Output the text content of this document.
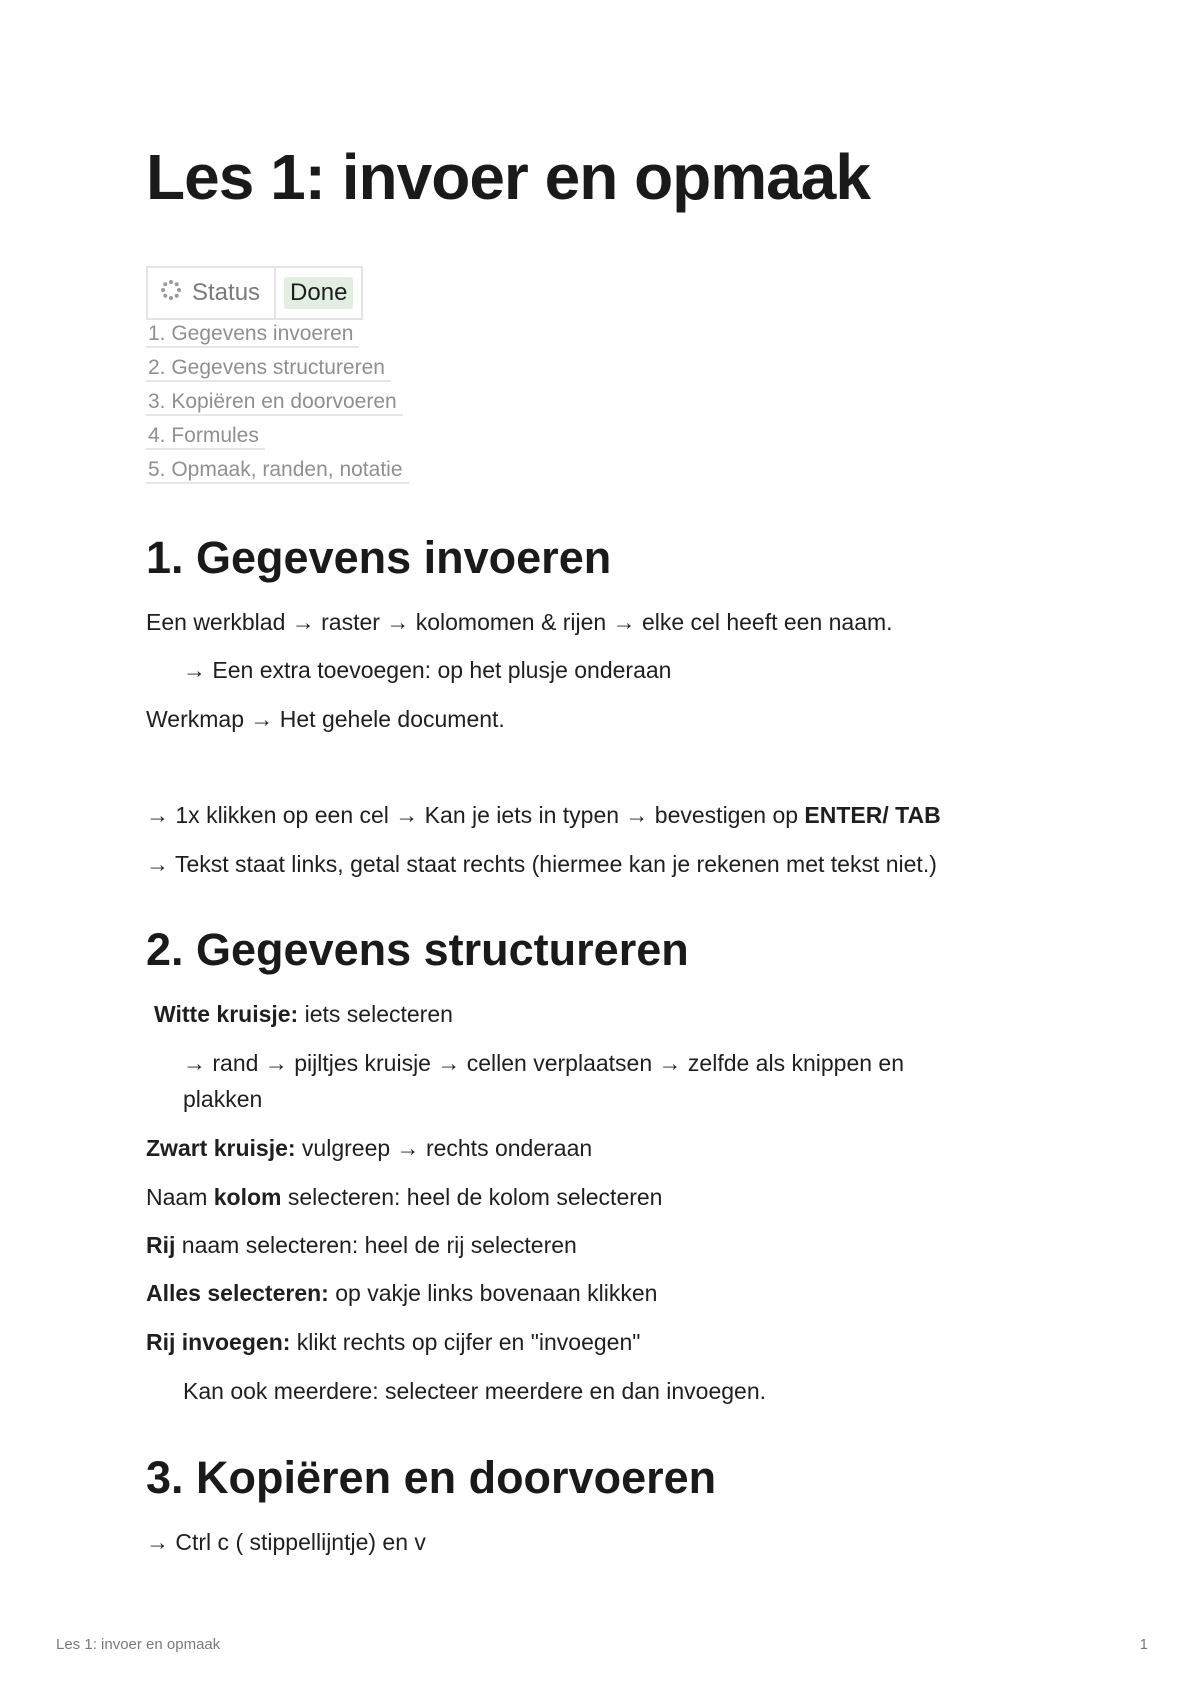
Les 1: invoer en opmaak
Status Done
1. Gegevens invoeren
2. Gegevens structureren
3. Kopiëren en doorvoeren
4. Formules
5. Opmaak, randen, notatie
1. Gegevens invoeren

Een werkblad → raster → kolomomen & rijen → elke cel heeft een naam.

→ Een extra toevoegen: op het plusje onderaan

Werkmap → Het gehele document.

→ 1x klikken op een cel → Kan je iets in typen → bevestigen op ENTER/ TAB

→ Tekst staat links, getal staat rechts (hiermee kan je rekenen met tekst niet.)

2. Gegevens structureren

Witte kruisje: iets selecteren

→ rand → pijltjes kruisje → cellen verplaatsen → zelfde als knippen en

plakken

Zwart kruisje: vulgreep → rechts onderaan

Naam kolom selecteren: heel de kolom selecteren

Rij naam selecteren: heel de rij selecteren

Alles selecteren: op vakje links bovenaan klikken

Rij invoegen: klikt rechts op cijfer en "invoegen"

Kan ook meerdere: selecteer meerdere en dan invoegen.

3. Kopiëren en doorvoeren

→ Ctrl c ( stippellijntje) en v

Les 1: invoer en opmaak	1
